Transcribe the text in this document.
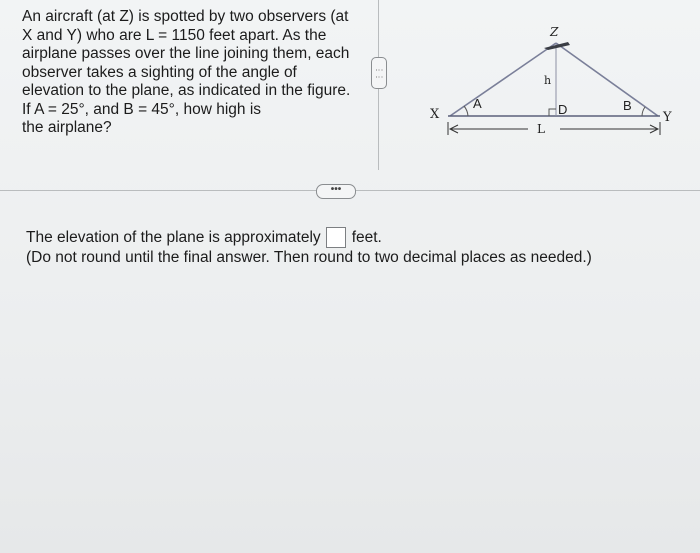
An aircraft (at Z) is spotted by two observers (at

X and Y) who are L = 1150 feet apart. As the

airplane passes over the line joining them, each

observer takes a sighting of the angle of

elevation to the plane, as indicated in the figure.

If A = 25°, and B = 45°, how high is

the airplane?

⋮⋮
X	Y
Z
A	B
D
h
L
•••
The elevation of the plane is approximately feet.
(Do not round until the final answer. Then round to two decimal places as needed.)
